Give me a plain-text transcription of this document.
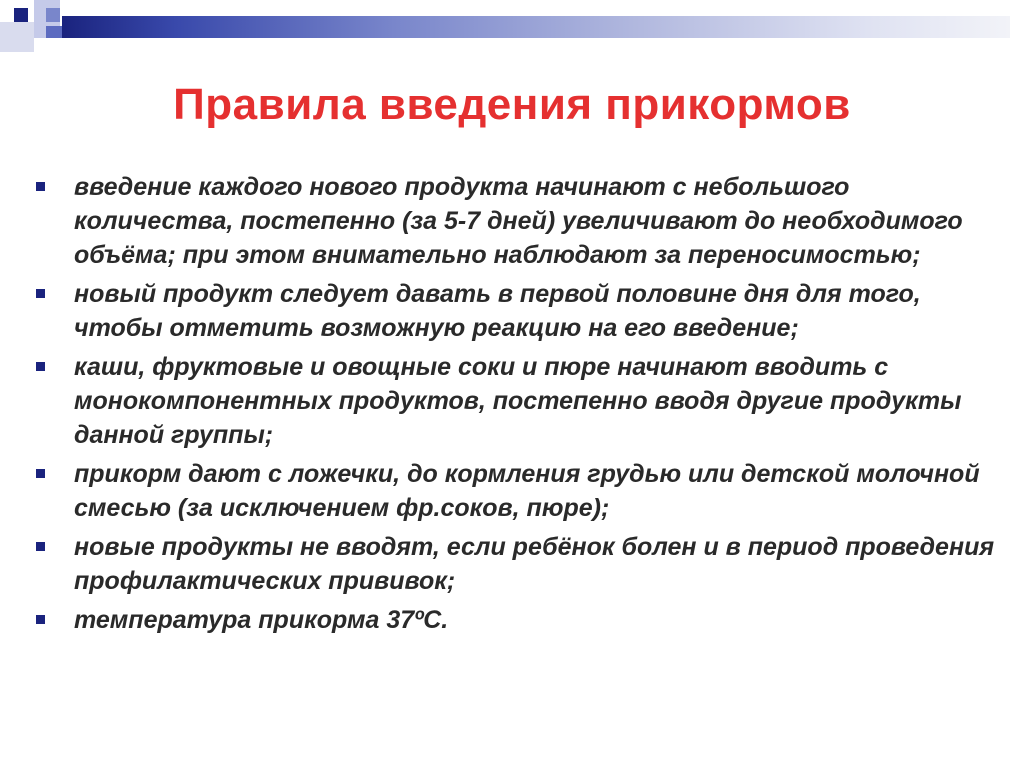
Правила введения прикормов
введение каждого нового продукта начинают с небольшого количества, постепенно (за 5-7 дней) увеличивают до необходимого объёма; при этом внимательно наблюдают за переносимостью;
новый продукт следует давать в первой половине дня для того, чтобы отметить возможную реакцию на его введение;
каши, фруктовые и овощные соки и пюре начинают вводить с монокомпонентных продуктов, постепенно вводя другие продукты данной группы;
прикорм дают с ложечки, до кормления грудью или детской молочной смесью (за исключением фр.соков, пюре);
новые продукты не вводят, если ребёнок болен и в период проведения профилактических прививок;
температура прикорма 37ºС.
